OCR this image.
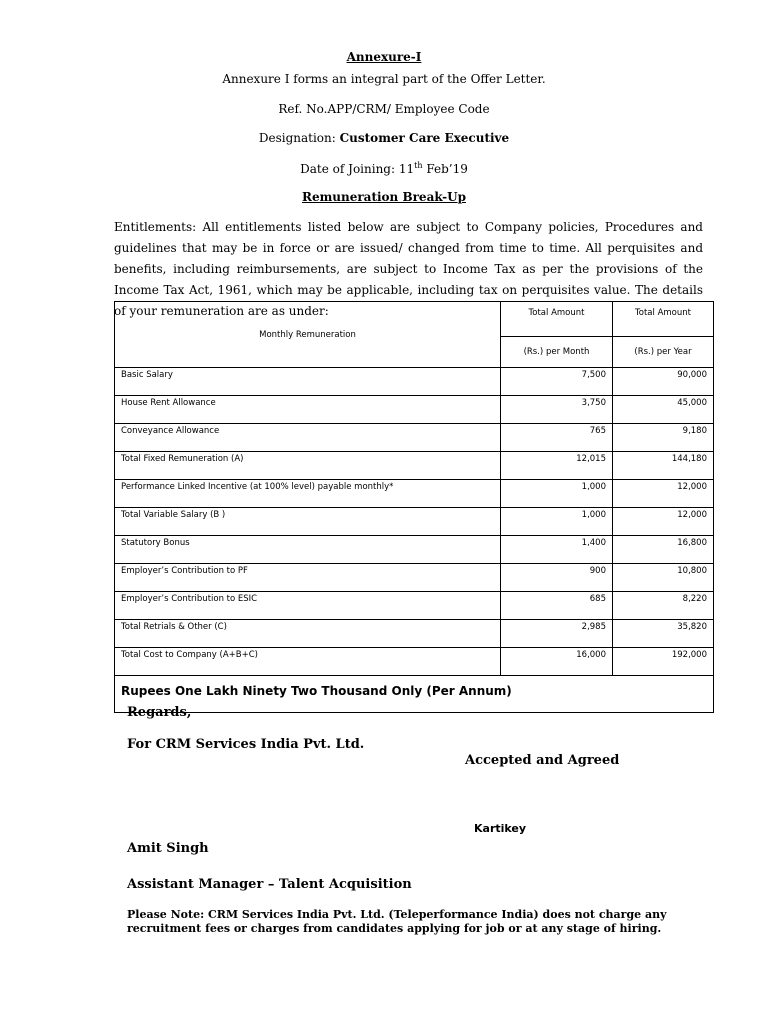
Annexure-I
Annexure I forms an integral part of the Offer Letter.
Ref. No.APP/CRM/ Employee Code
Designation: Customer Care Executive
Date of Joining: 11th Feb’19
Remuneration Break-Up
Entitlements: All entitlements listed below are subject to Company policies, Procedures and guidelines that may be in force or are issued/ changed from time to time. All perquisites and benefits, including reimbursements, are subject to Income Tax as per the provisions of the Income Tax Act, 1961, which may be applicable, including tax on perquisites value. The details of your remuneration are as under:
Monthly Remuneration	Total Amount	Total Amount
	(Rs.) per Month	(Rs.) per Year
Basic Salary	7,500	90,000
House Rent Allowance	3,750	45,000
Conveyance Allowance	765	9,180
Total Fixed Remuneration (A)	12,015	144,180
Performance Linked Incentive (at 100% level) payable monthly*	1,000	12,000
Total Variable Salary (B )	1,000	12,000
Statutory Bonus	1,400	16,800
Employer’s Contribution to PF	900	10,800
Employer’s Contribution to ESIC	685	8,220
Total Retrials & Other (C)	2,985	35,820
Total Cost to Company (A+B+C)	16,000	192,000
Rupees One Lakh Ninety Two Thousand Only (Per Annum)		
Regards,
For CRM Services India Pvt. Ltd.
Accepted and Agreed
Kartikey
Amit Singh
Assistant Manager – Talent Acquisition
Please Note: CRM Services India Pvt. Ltd. (Teleperformance India) does not charge any recruitment fees or charges from candidates applying for job or at any stage of hiring.
